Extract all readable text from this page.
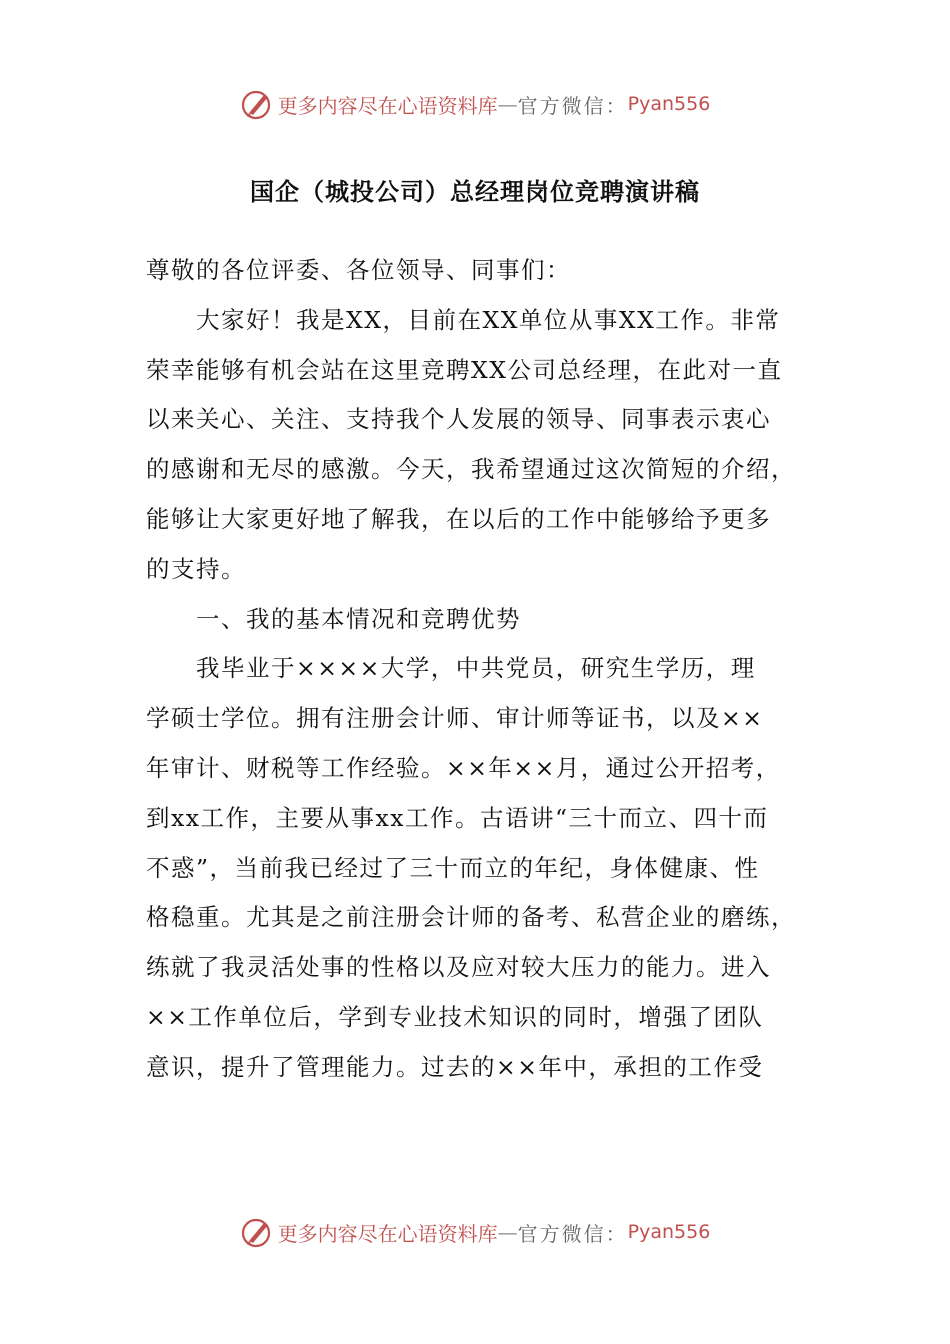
更多内容尽在心语资料库 — 官方微信： Pyan556
国企（城投公司）总经理岗位竞聘演讲稿
尊敬的各位评委、各位领导、同事们：
大家好！我是XX，目前在XX单位从事XX工作。非常
荣幸能够有机会站在这里竞聘XX公司总经理，在此对一直
以来关心、关注、支持我个人发展的领导、同事表示衷心
的感谢和无尽的感激。今天，我希望通过这次简短的介绍，
能够让大家更好地了解我，在以后的工作中能够给予更多
的支持。
一、我的基本情况和竞聘优势
我毕业于××××大学，中共党员，研究生学历，理
学硕士学位。拥有注册会计师、审计师等证书，以及××
年审计、财税等工作经验。××年××月，通过公开招考，
到xx工作，主要从事xx工作。古语讲“三十而立、四十而
不惑”，当前我已经过了三十而立的年纪，身体健康、性
格稳重。尤其是之前注册会计师的备考、私营企业的磨练，
练就了我灵活处事的性格以及应对较大压力的能力。进入
××工作单位后，学到专业技术知识的同时，增强了团队
意识，提升了管理能力。过去的××年中，承担的工作受
更多内容尽在心语资料库 — 官方微信： Pyan556
